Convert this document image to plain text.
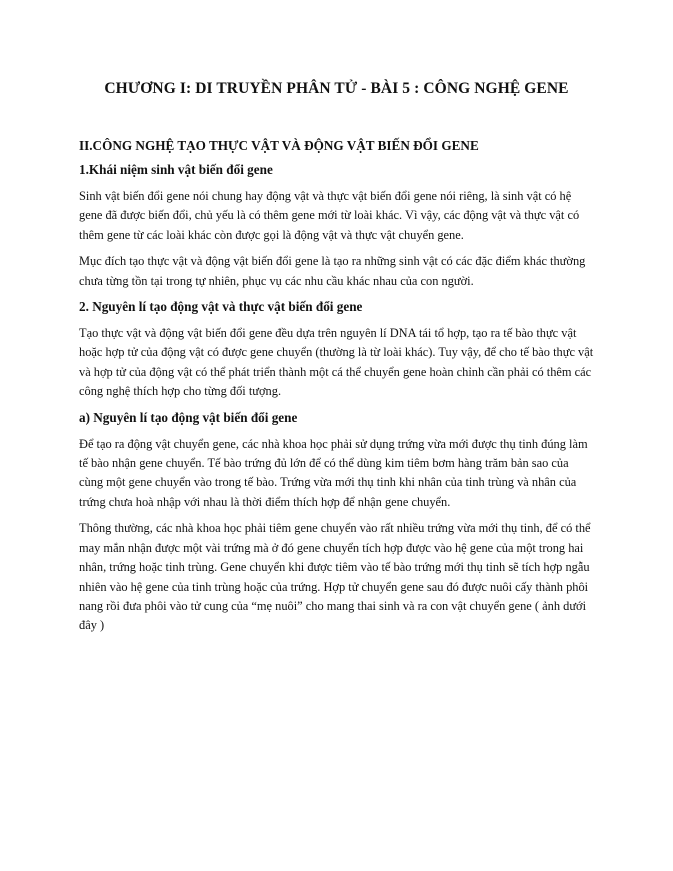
CHƯƠNG I: DI TRUYỀN PHÂN TỬ - BÀI 5 : CÔNG NGHỆ GENE
II.CÔNG NGHỆ TẠO THỰC VẬT VÀ ĐỘNG VẬT BIẾN ĐỔI GENE
1.Khái niệm sinh vật biến đổi gene

Sinh vật biến đổi gene nói chung hay động vật và thực vật biến đổi gene nói riêng, là sinh vật có hệ gene đã được biến đổi, chủ yếu là có thêm gene mới từ loài khác. Vì vậy, các động vật và thực vật có thêm gene từ các loài khác còn được gọi là động vật và thực vật chuyển gene.

Mục đích tạo thực vật và động vật biến đổi gene là tạo ra những sinh vật có các đặc điểm khác thường chưa từng tồn tại trong tự nhiên, phục vụ các nhu cầu khác nhau của con người.

2. Nguyên lí tạo động vật và thực vật biến đổi gene

Tạo thực vật và động vật biến đổi gene đều dựa trên nguyên lí DNA tái tổ hợp, tạo ra tế bào thực vật hoặc hợp tử của động vật có được gene chuyển (thường là từ loài khác). Tuy vậy, để cho tế bào thực vật và hợp tử của động vật có thể phát triển thành một cá thể chuyển gene hoàn chỉnh cần phải có thêm các công nghệ thích hợp cho từng đối tượng.

a) Nguyên lí tạo động vật biến đổi gene

Để tạo ra động vật chuyển gene, các nhà khoa học phải sử dụng trứng vừa mới được thụ tinh đúng làm tế bào nhận gene chuyển. Tế bào trứng đủ lớn để có thể dùng kim tiêm bơm hàng trăm bản sao của cùng một gene chuyển vào trong tế bào. Trứng vừa mới thụ tinh khi nhân của tinh trùng và nhân của trứng chưa hoà nhập với nhau là thời điểm thích hợp để nhận gene chuyển.

Thông thường, các nhà khoa học phải tiêm gene chuyển vào rất nhiều trứng vừa mới thụ tinh, để có thể may mắn nhận được một vài trứng mà ở đó gene chuyển tích hợp được vào hệ gene của một trong hai nhân, trứng hoặc tinh trùng. Gene chuyển khi được tiêm vào tế bào trứng mới thụ tinh sẽ tích hợp ngẫu nhiên vào hệ gene của tinh trùng hoặc của trứng. Hợp tử chuyển gene sau đó được nuôi cấy thành phôi nang rồi đưa phôi vào tử cung của “mẹ nuôi” cho mang thai sinh và ra con vật chuyển gene ( ảnh dưới đây )
